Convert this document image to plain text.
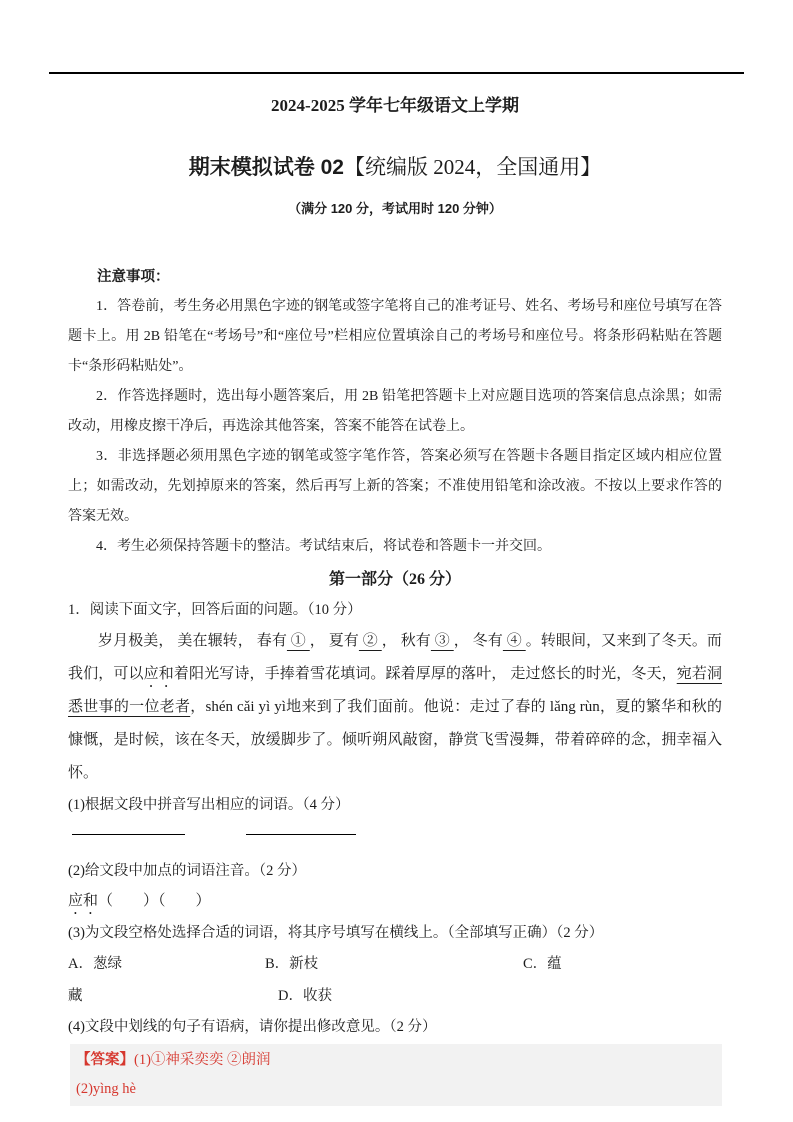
2024-2025 学年七年级语文上学期
期末模拟试卷 02【统编版 2024，全国通用】
（满分 120 分，考试用时 120 分钟）

注意事项：

1．答卷前，考生务必用黑色字迹的钢笔或签字笔将自己的准考证号、姓名、考场号和座位号填写在答题卡上。用 2B 铅笔在“考场号”和“座位号”栏相应位置填涂自己的考场号和座位号。将条形码粘贴在答题卡“条形码粘贴处”。

2．作答选择题时，选出每小题答案后，用 2B 铅笔把答题卡上对应题目选项的答案信息点涂黑；如需改动，用橡皮擦干净后，再选涂其他答案，答案不能答在试卷上。

3．非选择题必须用黑色字迹的钢笔或签字笔作答，答案必须写在答题卡各题目指定区域内相应位置上；如需改动，先划掉原来的答案，然后再写上新的答案；不准使用铅笔和涂改液。不按以上要求作答的答案无效。

4．考生必须保持答题卡的整洁。考试结束后，将试卷和答题卡一并交回。

第一部分（26 分）

1．阅读下面文字，回答后面的问题。（10 分）

岁月极美， 美在辗转， 春有 ① ， 夏有 ② ， 秋有 ③ ， 冬有 ④ 。转眼间，又来到了冬天。而我们，可以应和着阳光写诗，手捧着雪花填词。踩着厚厚的落叶， 走过悠长的时光，冬天，宛若洞悉世事的一位老者，shén cǎi yì yì地来到了我们面前。他说：走过了春的 lǎng rùn，夏的繁华和秋的慷慨，是时候，该在冬天，放缓脚步了。倾听朔风敲窗，静赏飞雪漫舞，带着碎碎的念，拥幸福入怀。

(1)根据文段中拼音写出相应的词语。（4 分）

(2)给文段中加点的词语注音。（2 分）

应和（　　）（　　）

(3)为文段空格处选择合适的词语，将其序号填写在横线上。（全部填写正确）（2 分）

A．葱绿	B．新枝	C．蕴

藏	D．收获

(4)文段中划线的句子有语病，请你提出修改意见。（2 分）

【答案】(1)①神采奕奕 ②朗润

(2)yìng hè
